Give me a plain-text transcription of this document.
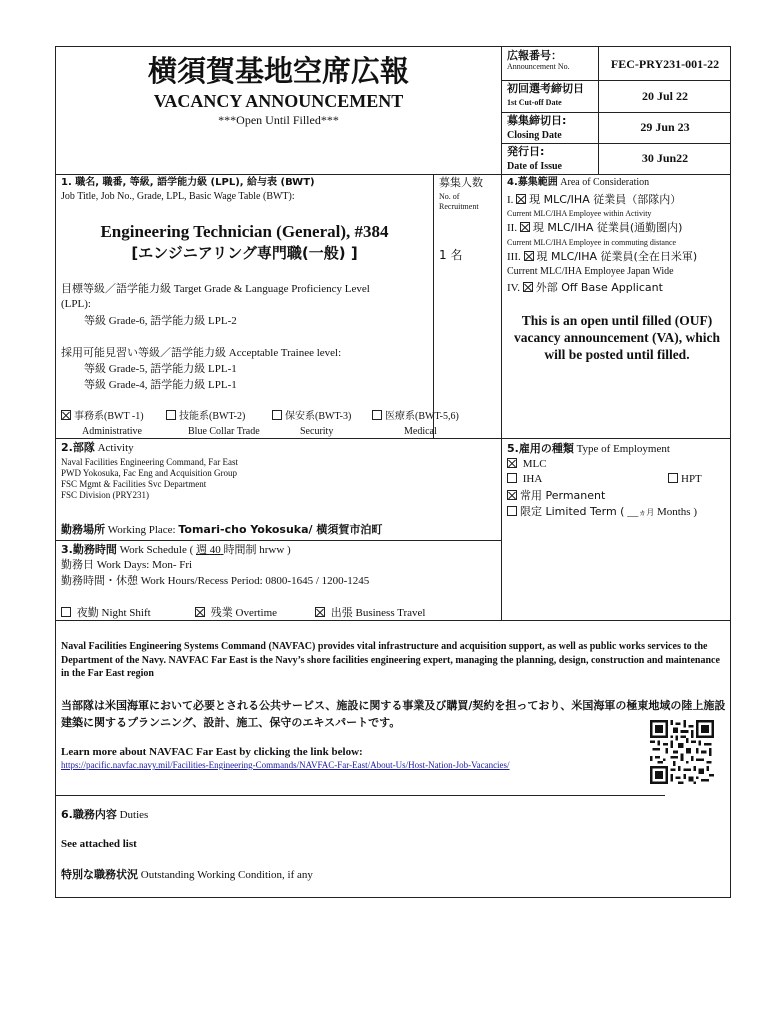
横須賀基地空席広報
VACANCY ANNOUNCEMENT
***Open Until Filled***
広報番号：
Announcement No.	FEC-PRY231-001-22
初回選考締切日
1st Cut-off Date	20 Jul 22
募集締切日:
Closing Date
29 Jun 23
発行日:
Date of Issue
30 Jun22
1. 職名, 職番, 等級, 語学能力級 (LPL), 給与表 (BWT)
Job Title, Job No., Grade, LPL, Basic Wage Table (BWT):
Engineering Technician (General), #384
[エンジニアリング専門職(一般) ]
募集人数
No. of
Recruitment
1 名
目標等級／語学能力級 Target Grade & Language Proficiency Level
(LPL):
等級 Grade-6, 語学能力級 LPL-2
採用可能見習い等級／語学能力級 Acceptable Trainee level:
等級 Grade-5, 語学能力級 LPL-1
等級 Grade-4, 語学能力級 LPL-1
事務系(BWT -1)	技能系(BWT-2)	保安系(BWT-3)	医療系(BWT-5,6)
Administrative	Blue Collar Trade	Security	Medical
4.募集範囲 Area of Consideration
I. 現 MLC/IHA 従業員（部隊内）
Current MLC/IHA Employee within Activity
II. 現 MLC/IHA 従業員(通勤圏内)
Current MLC/IHA Employee in commuting distance
III. 現 MLC/IHA 従業員(全在日米軍)
Current MLC/IHA Employee Japan Wide
IV. 外部 Off Base Applicant
This is an open until filled (OUF) vacancy announcement (VA), which will be posted until filled.
2.部隊 Activity
Naval Facilities Engineering Command, Far East
PWD Yokosuka, Fac Eng and Acquisition Group
FSC Mgmt & Facilities Svc Department
FSC Division (PRY231)
勤務場所 Working Place: Tomari-cho Yokosuka/ 横須賀市泊町
5.雇用の種類 Type of Employment
MLC
IHA	HPT
常用 Permanent
限定 Limited Term ( __ヵ月 Months )
3.勤務時間 Work Schedule ( 週 40 時間制 hrww )
勤務日 Work Days: Mon- Fri
勤務時間・休憩 Work Hours/Recess Period: 0800-1645 / 1200-1245
夜勤 Night Shift	残業 Overtime	出張 Business Travel
Naval Facilities Engineering Systems Command (NAVFAC) provides vital infrastructure and acquisition support, as well as public works services to the Department of the Navy. NAVFAC Far East is the Navy’s shore facilities engineering expert, managing the planning, design, construction and maintenance in the Far East region
当部隊は米国海軍において必要とされる公共サービス、施設に関する事業及び購買/契約を担っており、米国海軍の極東地域の陸上施設建築に関するプランニング、設計、施工、保守のエキスパートです。
Learn more about NAVFAC Far East by clicking the link below:
https://pacific.navfac.navy.mil/Facilities-Engineering-Commands/NAVFAC-Far-East/About-Us/Host-Nation-Job-Vacancies/
6.職務内容 Duties
See attached list
特別な職務状況 Outstanding Working Condition, if any
